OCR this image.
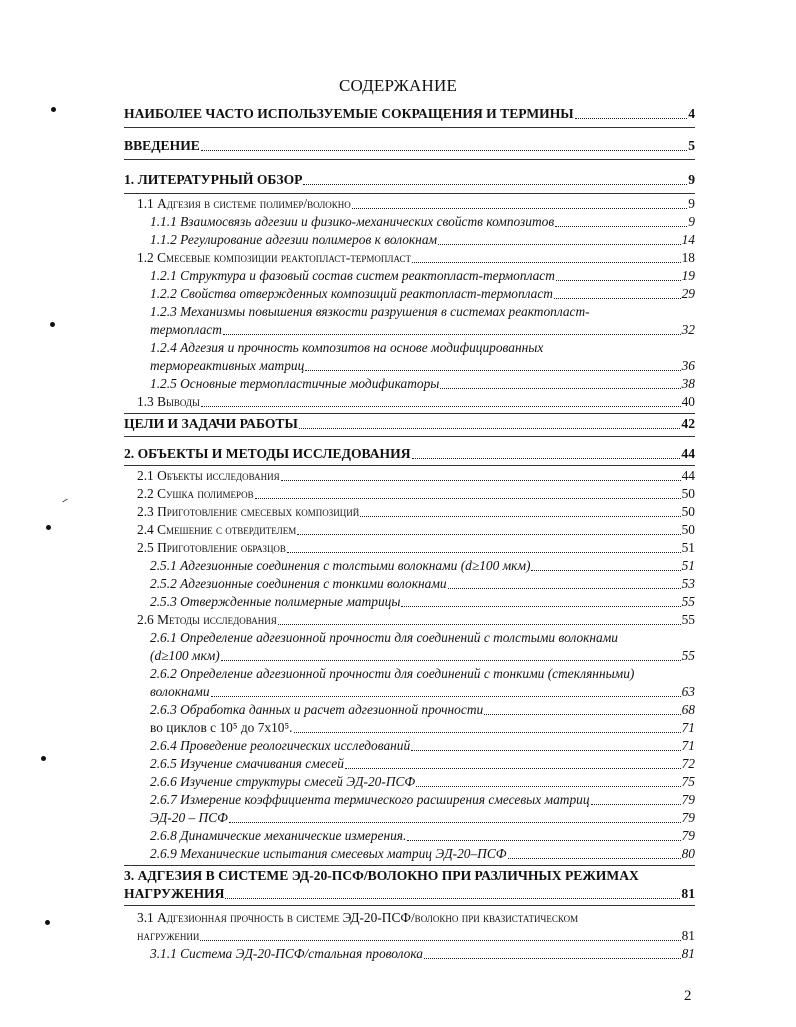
СОДЕРЖАНИЕ
НАИБОЛЕЕ ЧАСТО ИСПОЛЬЗУЕМЫЕ СОКРАЩЕНИЯ И ТЕРМИНЫ	4
ВВЕДЕНИЕ	5
1. ЛИТЕРАТУРНЫЙ ОБЗОР	9
1.1 Адгезия в системе полимер/волокно	9
1.1.1 Взаимосвязь адгезии и физико-механических свойств композитов	9
1.1.2 Регулирование адгезии полимеров к волокнам	14
1.2 Смесевые композиции реактопласт-термопласт	18
1.2.1 Структура и фазовый состав систем реактопласт-термопласт	19
1.2.2 Свойства отвержденных композиций реактопласт-термопласт	29
1.2.3 Механизмы повышения вязкости разрушения в системах реактопласт-
термопласт	32
1.2.4 Адгезия и прочность композитов на основе модифицированных
термореактивных матриц	36
1.2.5 Основные термопластичные модификаторы	38
1.3 Выводы	40
ЦЕЛИ И ЗАДАЧИ РАБОТЫ	42
2. ОБЪЕКТЫ И МЕТОДЫ ИССЛЕДОВАНИЯ	44
2.1 Объекты исследования	44
2.2 Сушка полимеров	50
2.3 Приготовление смесевых композиций	50
2.4 Смешение с отвердителем	50
2.5 Приготовление образцов	51
2.5.1 Адгезионные соединения с толстыми волокнами (d≥100 мкм)	51
2.5.2 Адгезионные соединения с тонкими волокнами	53
2.5.3 Отвержденные полимерные матрицы	55
2.6 Методы исследования	55
2.6.1 Определение адгезионной прочности для соединений с толстыми волокнами
(d≥100 мкм)	55
2.6.2 Определение адгезионной прочности для соединений с тонкими (стеклянными)
волокнами	63
2.6.3 Обработка данных и расчет адгезионной прочности	68
во циклов с 10⁵ до 7x10⁵.	71
2.6.4 Проведение реологических исследований	71
2.6.5 Изучение смачивания смесей	72
2.6.6 Изучение структуры смесей ЭД-20-ПСФ	75
2.6.7 Измерение коэффициента термического расширения смесевых матриц	79
ЭД-20 – ПСФ	79
2.6.8 Динамические механические измерения.	79
2.6.9 Механические испытания смесевых матриц ЭД-20–ПСФ	80
3. АДГЕЗИЯ В СИСТЕМЕ ЭД-20-ПСФ/ВОЛОКНО ПРИ РАЗЛИЧНЫХ РЕЖИМАХ
НАГРУЖЕНИЯ	81
3.1 Адгезионная прочность в системе ЭД-20-ПСФ/волокно при квазистатическом
нагружении	81
3.1.1 Система ЭД-20-ПСФ/стальная проволока	81
2
